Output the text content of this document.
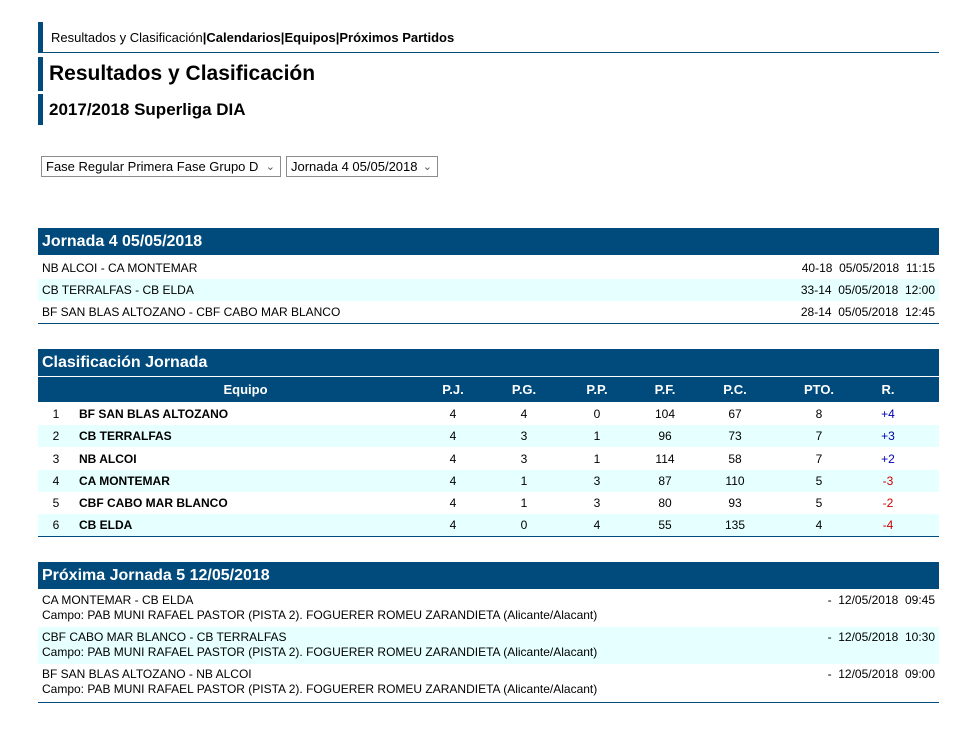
Resultados y Clasificación|Calendarios|Equipos|Próximos Partidos
Resultados y Clasificación
2017/2018 Superliga DIA
Fase Regular Primera Fase Grupo D ⌄	Jornada 4 05/05/2018 ⌄
Jornada 4 05/05/2018
NB ALCOI - CA MONTEMAR	40-18 05/05/2018 11:15
CB TERRALFAS - CB ELDA	33-14 05/05/2018 12:00
BF SAN BLAS ALTOZANO - CBF CABO MAR BLANCO	28-14 05/05/2018 12:45
Clasificación Jornada
Equipo	P.J.	P.G.	P.P.	P.F.	P.C.	PTO.	R.
1	BF SAN BLAS ALTOZANO	4	4	0	104	67	8	+4
2	CB TERRALFAS	4	3	1	96	73	7	+3
3	NB ALCOI	4	3	1	114	58	7	+2
4	CA MONTEMAR	4	1	3	87	110	5	-3
5	CBF CABO MAR BLANCO	4	1	3	80	93	5	-2
6	CB ELDA	4	0	4	55	135	4	-4
Próxima Jornada 5 12/05/2018
CA MONTEMAR - CB ELDA
Campo: PAB MUNI RAFAEL PASTOR (PISTA 2). FOGUERER ROMEU ZARANDIETA (Alicante/Alacant)
- 12/05/2018 09:45
CBF CABO MAR BLANCO - CB TERRALFAS
Campo: PAB MUNI RAFAEL PASTOR (PISTA 2). FOGUERER ROMEU ZARANDIETA (Alicante/Alacant)
- 12/05/2018 10:30
BF SAN BLAS ALTOZANO - NB ALCOI
Campo: PAB MUNI RAFAEL PASTOR (PISTA 2). FOGUERER ROMEU ZARANDIETA (Alicante/Alacant)
- 12/05/2018 09:00
